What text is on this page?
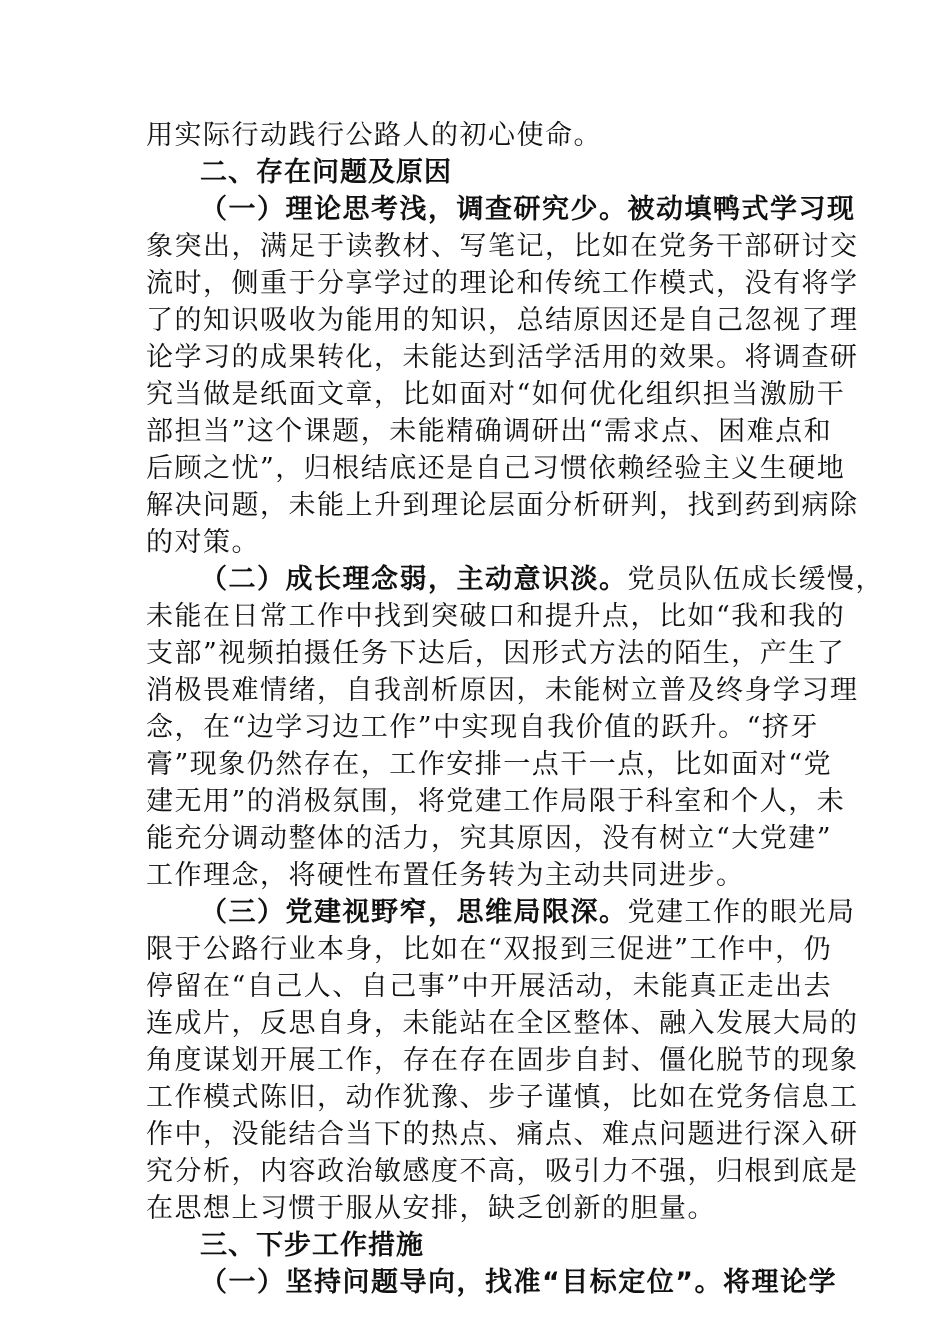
用实际行动践行公路人的初心使命。
二、存在问题及原因
（一）理论思考浅，调查研究少。被动填鸭式学习现
象突出，满足于读教材、写笔记，比如在党务干部研讨交
流时，侧重于分享学过的理论和传统工作模式，没有将学
了的知识吸收为能用的知识，总结原因还是自己忽视了理
论学习的成果转化，未能达到活学活用的效果。将调查研
究当做是纸面文章，比如面对“如何优化组织担当激励干
部担当”这个课题，未能精确调研出“需求点、困难点和
后顾之忧”，归根结底还是自己习惯依赖经验主义生硬地
解决问题，未能上升到理论层面分析研判，找到药到病除
的对策。
（二）成长理念弱，主动意识淡。党员队伍成长缓慢，
未能在日常工作中找到突破口和提升点，比如“我和我的
支部”视频拍摄任务下达后，因形式方法的陌生，产生了
消极畏难情绪，自我剖析原因，未能树立普及终身学习理
念，在“边学习边工作”中实现自我价值的跃升。“挤牙
膏”现象仍然存在，工作安排一点干一点，比如面对“党
建无用”的消极氛围，将党建工作局限于科室和个人，未
能充分调动整体的活力，究其原因，没有树立“大党建”
工作理念，将硬性布置任务转为主动共同进步。
（三）党建视野窄，思维局限深。党建工作的眼光局
限于公路行业本身，比如在“双报到三促进”工作中，仍
停留在“自己人、自己事”中开展活动，未能真正走出去
连成片，反思自身，未能站在全区整体、融入发展大局的
角度谋划开展工作，存在存在固步自封、僵化脱节的现象
工作模式陈旧，动作犹豫、步子谨慎，比如在党务信息工
作中，没能结合当下的热点、痛点、难点问题进行深入研
究分析，内容政治敏感度不高，吸引力不强，归根到底是
在思想上习惯于服从安排，缺乏创新的胆量。
三、下步工作措施
（一）坚持问题导向，找准“目标定位”。将理论学
